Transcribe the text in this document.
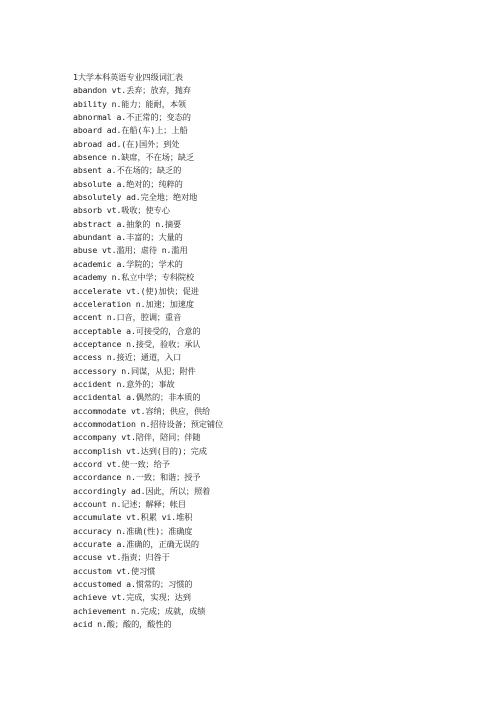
1大学本科英语专业四级词汇表
abandon vt.丢弃；放弃，抛弃
ability n.能力；能耐，本领
abnormal a.不正常的；变态的
aboard ad.在船(车)上；上船
abroad ad.(在)国外；到处
absence n.缺席，不在场；缺乏
absent a.不在场的；缺乏的
absolute a.绝对的；纯粹的
absolutely ad.完全地；绝对地
absorb vt.吸收；使专心
abstract a.抽象的 n.摘要
abundant a.丰富的；大量的
abuse vt.滥用；虐待 n.滥用
academic a.学院的；学术的
academy n.私立中学；专科院校
accelerate vt.(使)加快；促进
acceleration n.加速；加速度
accent n.口音，腔调；重音
acceptable a.可接受的，合意的
acceptance n.接受，验收；承认
access n.接近；通道，入口
accessory n.同谋，从犯；附件
accident n.意外的；事故
accidental a.偶然的；非本质的
accommodate vt.容纳；供应，供给
accommodation n.招待设备；预定铺位
accompany vt.陪伴，陪同；伴随
accomplish vt.达到(目的)；完成
accord vt.使一致；给予
accordance n.一致；和谐；授予
accordingly ad.因此，所以；照着
account n.记述；解释；帐目
accumulate vt.积累 vi.堆积
accuracy n.准确(性)；准确度
accurate a.准确的，正确无误的
accuse vt.指责；归咎于
accustom vt.使习惯
accustomed a.惯常的；习惯的
achieve vt.完成，实现；达到
achievement n.完成；成就，成绩
acid n.酸；酸的，酸性的
